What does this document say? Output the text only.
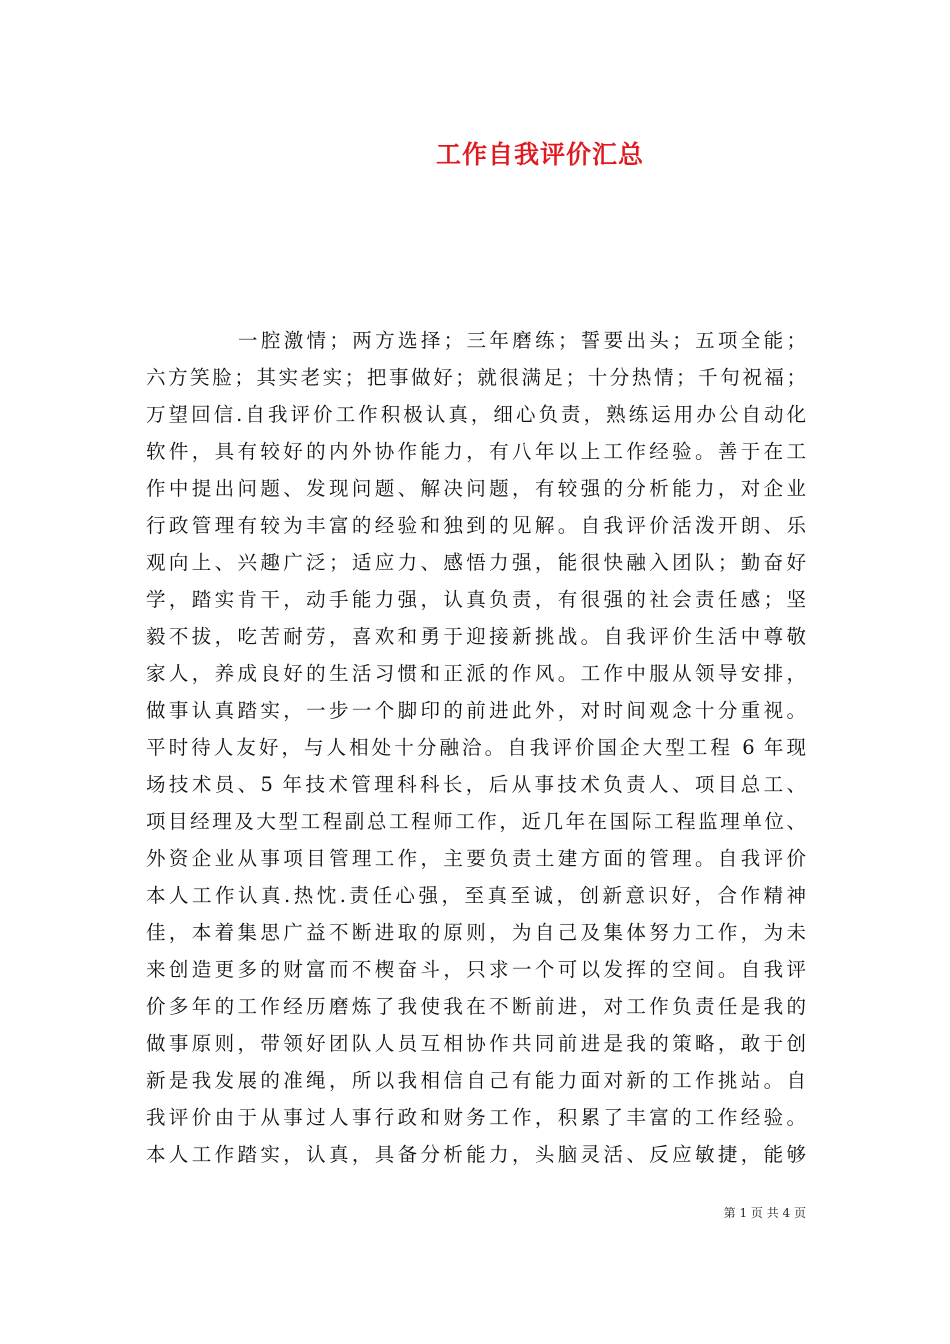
工作自我评价汇总
一腔激情；两方选择；三年磨练；誓要出头；五项全能；
六方笑脸；其实老实；把事做好；就很满足；十分热情；千句祝福；
万望回信.自我评价工作积极认真，细心负责，熟练运用办公自动化
软件，具有较好的内外协作能力，有八年以上工作经验。善于在工
作中提出问题、发现问题、解决问题，有较强的分析能力，对企业
行政管理有较为丰富的经验和独到的见解。自我评价活泼开朗、乐
观向上、兴趣广泛；适应力、感悟力强，能很快融入团队；勤奋好
学，踏实肯干，动手能力强，认真负责，有很强的社会责任感；坚
毅不拔，吃苦耐劳，喜欢和勇于迎接新挑战。自我评价生活中尊敬
家人，养成良好的生活习惯和正派的作风。工作中服从领导安排，
做事认真踏实，一步一个脚印的前进此外，对时间观念十分重视。
平时待人友好，与人相处十分融洽。自我评价国企大型工程 6 年现
场技术员、5 年技术管理科科长，后从事技术负责人、项目总工、
项目经理及大型工程副总工程师工作，近几年在国际工程监理单位、
外资企业从事项目管理工作，主要负责土建方面的管理。自我评价
本人工作认真.热忱.责任心强，至真至诚，创新意识好，合作精神
佳，本着集思广益不断进取的原则，为自己及集体努力工作，为未
来创造更多的财富而不楔奋斗，只求一个可以发挥的空间。自我评
价多年的工作经历磨炼了我使我在不断前进，对工作负责任是我的
做事原则，带领好团队人员互相协作共同前进是我的策略，敢于创
新是我发展的准绳，所以我相信自己有能力面对新的工作挑站。自
我评价由于从事过人事行政和财务工作，积累了丰富的工作经验。
本人工作踏实，认真，具备分析能力，头脑灵活、反应敏捷，能够
第 1 页 共 4 页
